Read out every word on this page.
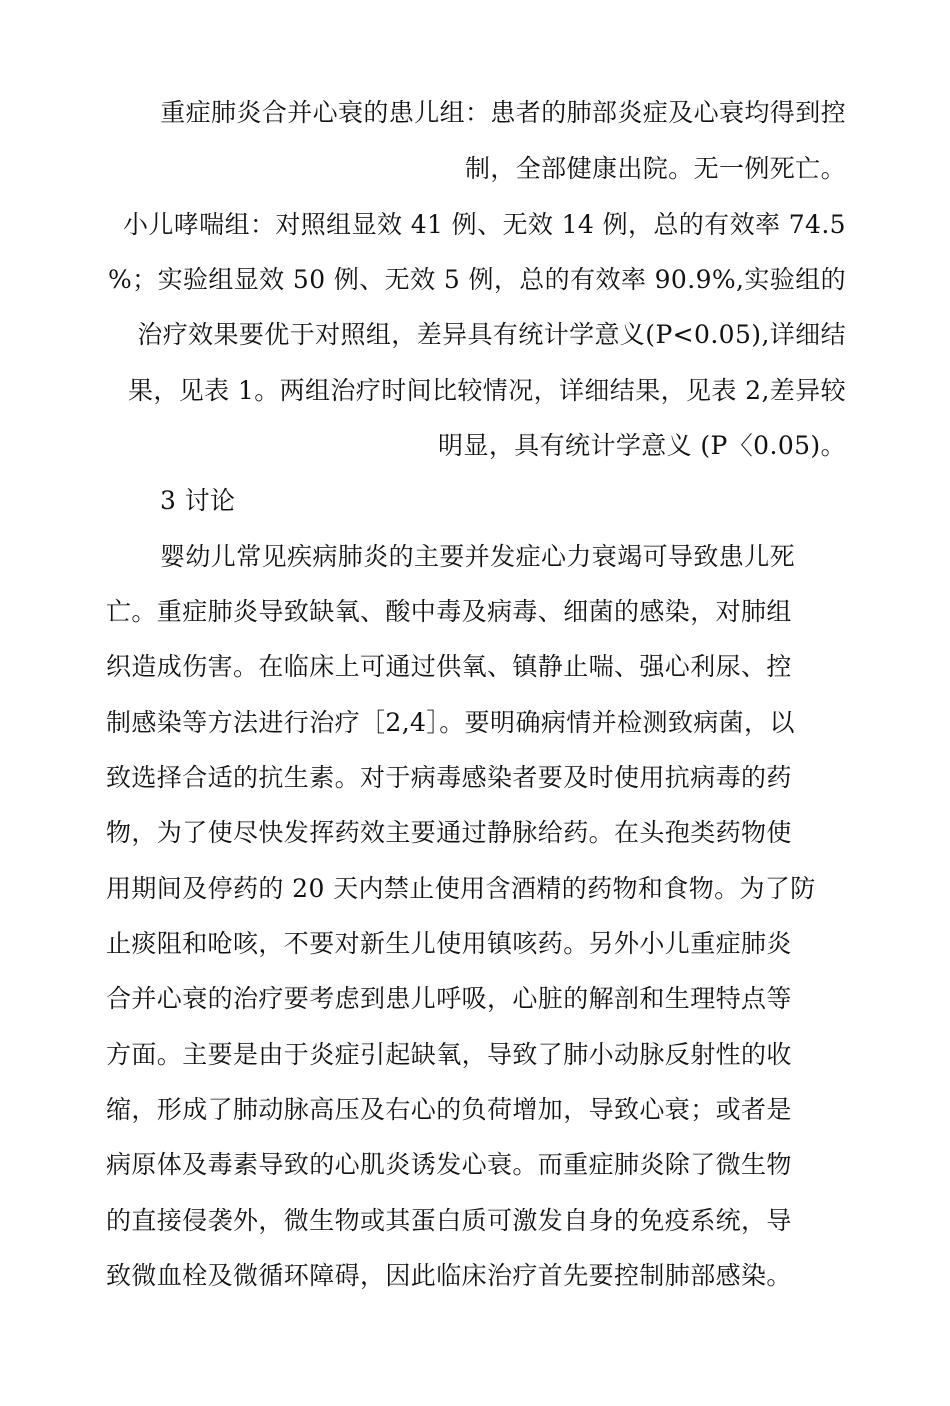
重症肺炎合并心衰的患儿组：患者的肺部炎症及心衰均得到控
制，全部健康出院。无一例死亡。
小儿哮喘组：对照组显效 41 例、无效 14 例，总的有效率 74.5
%；实验组显效 50 例、无效 5 例，总的有效率 90.9%,实验组的
治疗效果要优于对照组，差异具有统计学意义(P<0.05),详细结
果，见表 1。两组治疗时间比较情况，详细结果，见表 2,差异较
明显，具有统计学意义 (P〈0.05)。
3 讨论
婴幼儿常见疾病肺炎的主要并发症心力衰竭可导致患儿死
亡。重症肺炎导致缺氧、酸中毒及病毒、细菌的感染，对肺组
织造成伤害。在临床上可通过供氧、镇静止喘、强心利尿、控
制感染等方法进行治疗［2,4］。要明确病情并检测致病菌，以
致选择合适的抗生素。对于病毒感染者要及时使用抗病毒的药
物，为了使尽快发挥药效主要通过静脉给药。在头孢类药物使
用期间及停药的 20 天内禁止使用含酒精的药物和食物。为了防
止痰阻和呛咳，不要对新生儿使用镇咳药。另外小儿重症肺炎
合并心衰的治疗要考虑到患儿呼吸，心脏的解剖和生理特点等
方面。主要是由于炎症引起缺氧，导致了肺小动脉反射性的收
缩，形成了肺动脉高压及右心的负荷增加，导致心衰；或者是
病原体及毒素导致的心肌炎诱发心衰。而重症肺炎除了微生物
的直接侵袭外，微生物或其蛋白质可激发自身的免疫系统，导
致微血栓及微循环障碍，因此临床治疗首先要控制肺部感染。
